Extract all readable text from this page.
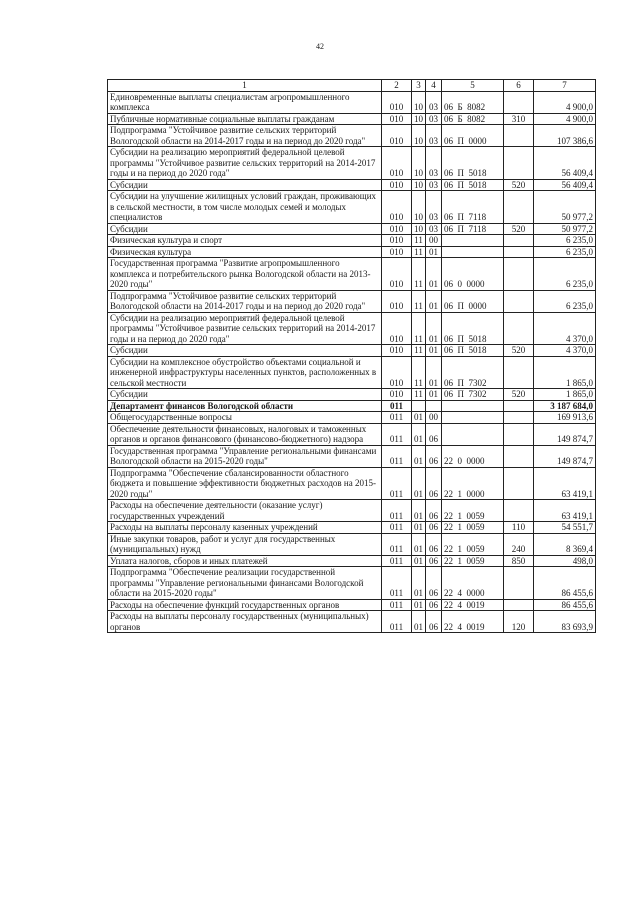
42
1	2	3	4	5	6	7
Единовременные выплаты специалистам агропромышленного комплекса	010	10	03	06  Б  8082		4 900,0
Публичные нормативные социальные выплаты гражданам	010	10	03	06  Б  8082	310	4 900,0
Подпрограмма "Устойчивое развитие сельских территорий Вологодской области на 2014-2017 годы и на период до 2020 года"	010	10	03	06  П  0000		107 386,6
Субсидии на реализацию мероприятий федеральной целевой программы "Устойчивое развитие сельских территорий на 2014-2017 годы и на период до 2020 года"	010	10	03	06  П  5018		56 409,4
Субсидии	010	10	03	06  П  5018	520	56 409,4
Субсидии на улучшение жилищных условий граждан, проживающих в сельской местности, в том числе молодых семей и молодых специалистов	010	10	03	06  П  7118		50 977,2
Субсидии	010	10	03	06  П  7118	520	50 977,2
Физическая культура и спорт	010	11	00			6 235,0
Физическая культура	010	11	01			6 235,0
Государственная программа "Развитие агропромышленного комплекса и потребительского рынка Вологодской области на 2013-2020 годы"	010	11	01	06  0  0000		6 235,0
Подпрограмма "Устойчивое развитие сельских территорий Вологодской области на 2014-2017 годы и на период до 2020 года"	010	11	01	06  П  0000		6 235,0
Субсидии на реализацию мероприятий федеральной целевой программы "Устойчивое развитие сельских территорий на 2014-2017 годы и на период до 2020 года"	010	11	01	06  П  5018		4 370,0
Субсидии	010	11	01	06  П  5018	520	4 370,0
Субсидии на комплексное обустройство объектами социальной и инженерной инфраструктуры населенных пунктов, расположенных в сельской местности	010	11	01	06  П  7302		1 865,0
Субсидии	010	11	01	06  П  7302	520	1 865,0
Департамент финансов Вологодской области	011					3 187 684,0
Общегосударственные вопросы	011	01	00			169 913,6
Обеспечение деятельности финансовых, налоговых и таможенных органов и органов финансового (финансово-бюджетного) надзора	011	01	06			149 874,7
Государственная программа "Управление региональными финансами Вологодской области на 2015-2020 годы"	011	01	06	22  0  0000		149 874,7
Подпрограмма "Обеспечение сбалансированности областного бюджета и повышение эффективности бюджетных расходов на 2015-2020 годы"	011	01	06	22  1  0000		63 419,1
Расходы на обеспечение деятельности (оказание услуг) государственных учреждений	011	01	06	22  1  0059		63 419,1
Расходы на выплаты персоналу казенных учреждений	011	01	06	22  1  0059	110	54 551,7
Иные закупки товаров, работ и услуг для государственных (муниципальных) нужд	011	01	06	22  1  0059	240	8 369,4
Уплата налогов, сборов и иных платежей	011	01	06	22  1  0059	850	498,0
Подпрограмма "Обеспечение реализации государственной программы "Управление региональными финансами Вологодской области на 2015-2020 годы"	011	01	06	22  4  0000		86 455,6
Расходы на обеспечение функций государственных органов	011	01	06	22  4  0019		86 455,6
Расходы на выплаты персоналу государственных (муниципальных) органов	011	01	06	22  4  0019	120	83 693,9
